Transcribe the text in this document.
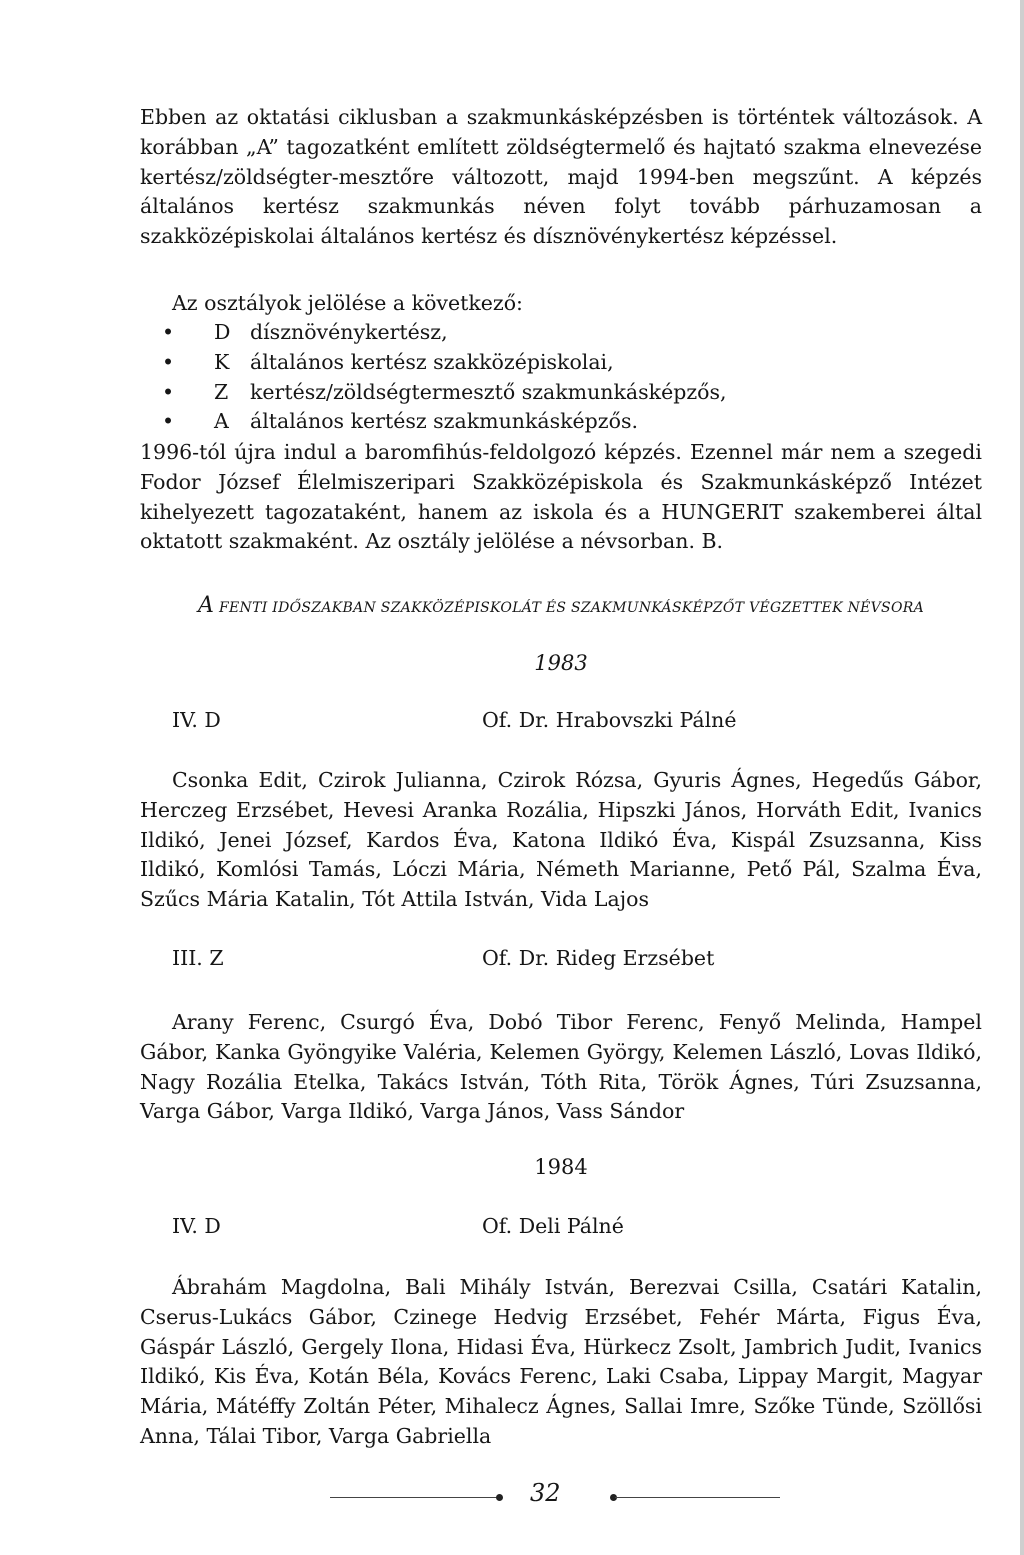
Ebben az oktatási ciklusban a szakmunkásképzésben is történtek változások. A korábban „A” tagozatként említett zöldségtermelő és hajtató szakma elnevezése kertész/zöldségter-mesztőre változott, majd 1994-ben megszűnt. A képzés általános kertész szakmunkás néven folyt tovább párhuzamosan a szakközépiskolai általános kertész és dísznövénykertész képzéssel.
Az osztályok jelölése a következő:
• D dísznövénykertész,
• K	általános kertész szakközépiskolai,
• Z	kertész/zöldségtermesztő szakmunkásképzős,
• A	általános kertész szakmunkásképzős.
1996-tól újra indul a baromfihús-feldolgozó képzés. Ezennel már nem a szegedi Fodor József Élelmiszeripari Szakközépiskola és Szakmunkásképző Intézet kihelyezett tagozataként, hanem az iskola és a HUNGERIT szakemberei által oktatott szakmaként. Az osztály jelölése a névsorban. B.
A FENTI IDŐSZAKBAN SZAKKÖZÉPISKOLÁT ÉS SZAKMUNKÁSKÉPZŐT VÉGZETTEK NÉVSORA
1983
IV. D	Of. Dr. Hrabovszki Pálné
Csonka Edit, Czirok Julianna, Czirok Rózsa, Gyuris Ágnes, Hegedűs Gábor, Herczeg Erzsébet, Hevesi Aranka Rozália, Hipszki János, Horváth Edit, Ivanics Ildikó, Jenei József, Kardos Éva, Katona Ildikó Éva, Kispál Zsuzsanna, Kiss Ildikó, Komlósi Tamás, Lóczi Mária, Németh Marianne, Pető Pál, Szalma Éva, Szűcs Mária Katalin, Tót Attila István, Vida Lajos
III. Z	Of. Dr. Rideg Erzsébet
Arany Ferenc, Csurgó Éva, Dobó Tibor Ferenc, Fenyő Melinda, Hampel Gábor, Kanka Gyöngyike Valéria, Kelemen György, Kelemen László, Lovas Ildikó, Nagy Rozália Etelka, Takács István, Tóth Rita, Török Ágnes, Túri Zsuzsanna, Varga Gábor, Varga Ildikó, Varga János, Vass Sándor
1984
IV. D	Of. Deli Pálné
Ábrahám Magdolna, Bali Mihály István, Berezvai Csilla, Csatári Katalin, Cserus-Lukács Gábor, Czinege Hedvig Erzsébet, Fehér Márta, Figus Éva, Gáspár László, Gergely Ilona, Hidasi Éva, Hürkecz Zsolt, Jambrich Judit, Ivanics Ildikó, Kis Éva, Kotán Béla, Kovács Ferenc, Laki Csaba, Lippay Margit, Magyar Mária, Mátéffy Zoltán Péter, Mihalecz Ágnes, Sallai Imre, Szőke Tünde, Szöllősi Anna, Tálai Tibor, Varga Gabriella
32
